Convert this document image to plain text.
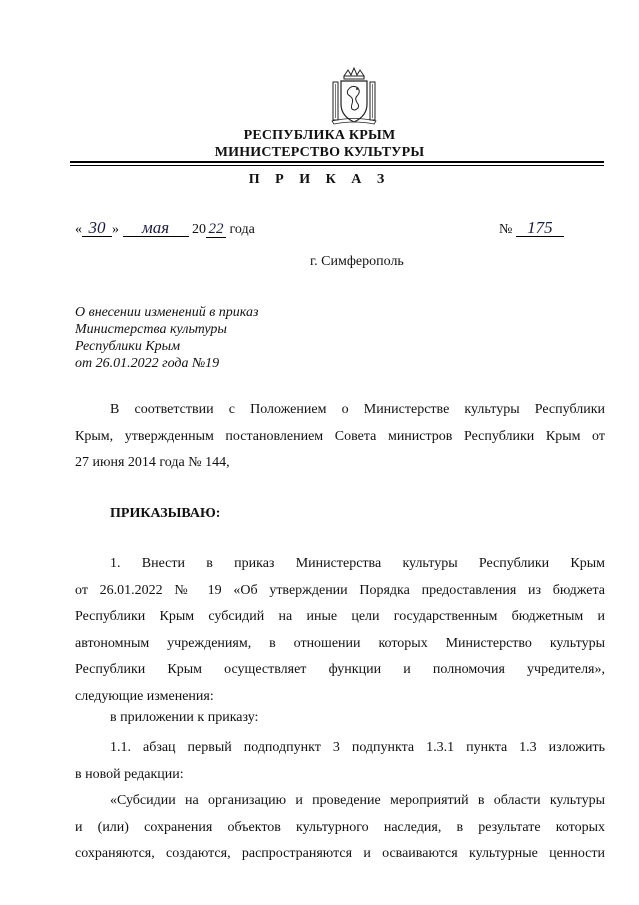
РЕСПУБЛИКА КРЫМ
МИНИСТЕРСТВО КУЛЬТУРЫ
П Р И К А З
« 30 » мая 20 22 года	№ 175
г. Симферополь
О внесении изменений в приказ
Министерства культуры
Республики Крым
от 26.01.2022 года №19
В соответствии с Положением о Министерстве культуры Республики
Крым, утвержденным постановлением Совета министров Республики Крым от
27 июня 2014 года № 144,
ПРИКАЗЫВАЮ:
1. Внести в приказ Министерства культуры Республики Крым
от 26.01.2022 № 19 «Об утверждении Порядка предоставления из бюджета
Республики Крым субсидий на иные цели государственным бюджетным и
автономным учреждениям, в отношении которых Министерство культуры
Республики Крым осуществляет функции и полномочия учредителя»,
следующие изменения:
в приложении к приказу:
1.1. абзац первый подподпункт 3 подпункта 1.3.1 пункта 1.3 изложить
в новой редакции:
«Субсидии на организацию и проведение мероприятий в области культуры
и (или) сохранения объектов культурного наследия, в результате которых
сохраняются, создаются, распространяются и осваиваются культурные ценности
